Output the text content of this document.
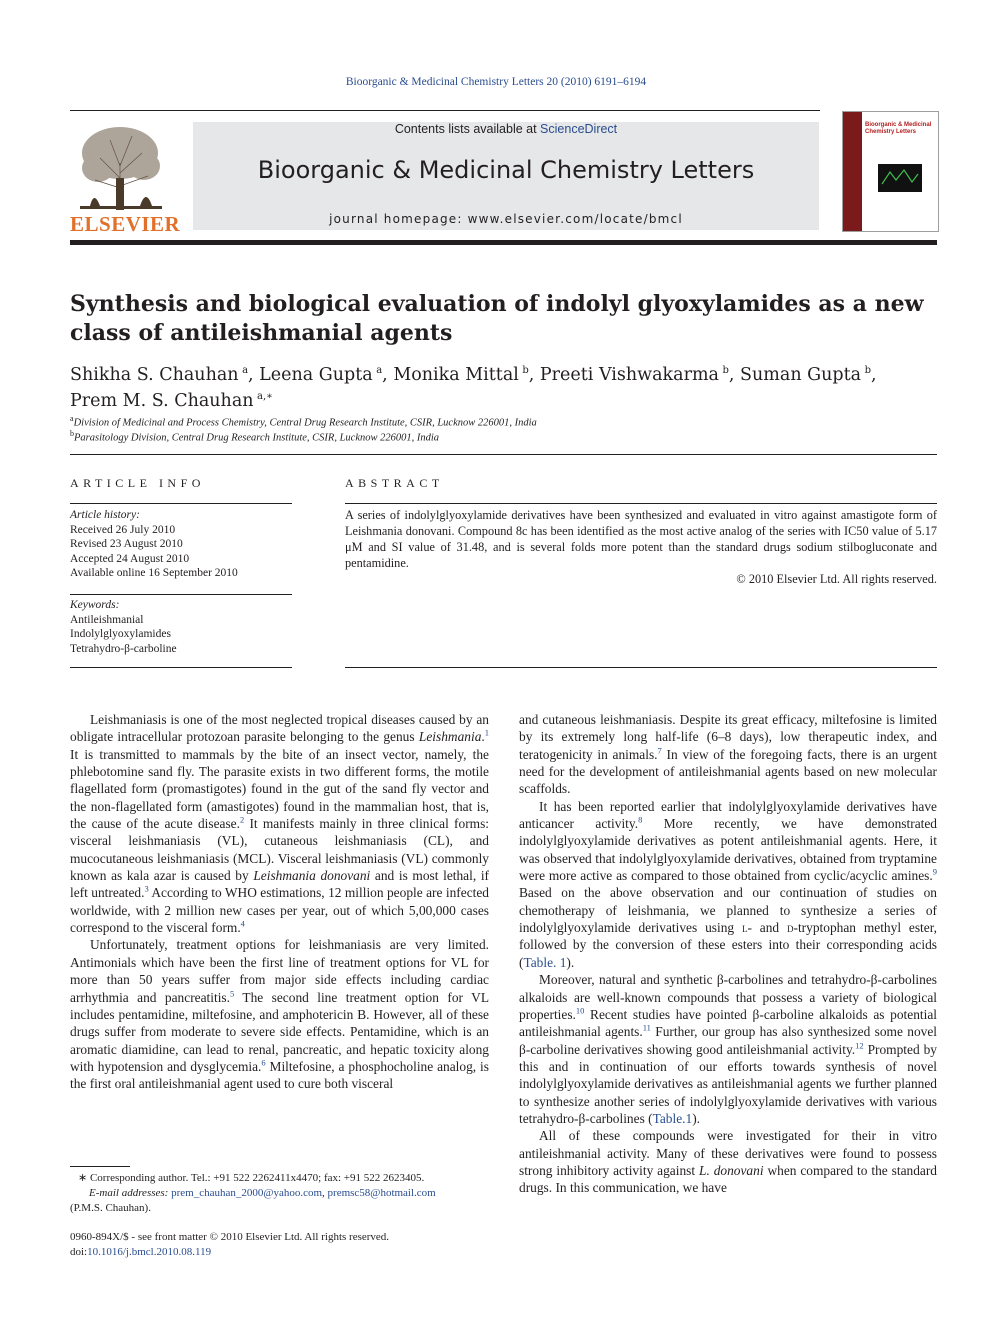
Bioorganic & Medicinal Chemistry Letters 20 (2010) 6191–6194
ELSEVIER
Contents lists available at ScienceDirect
Bioorganic & Medicinal Chemistry Letters
journal homepage: www.elsevier.com/locate/bmcl
Bioorganic & Medicinal
Chemistry Letters
Synthesis and biological evaluation of indolyl glyoxylamides as a new class of antileishmanial agents
Shikha S. Chauhan  $^a$, Leena Gupta  $^a$, Monika Mittal  $^b$, Preeti Vishwakarma  $^b$, Suman Gupta  $^b$,
Prem M. S. Chauhan  $^{a,∗}$
$^a$Division of Medicinal and Process Chemistry, Central Drug Research Institute, CSIR, Lucknow 226001, India
$^b$Parasitology Division, Central Drug Research Institute, CSIR, Lucknow 226001, India
ARTICLE INFO
Article history:
Received 26 July 2010
Revised 23 August 2010
Accepted 24 August 2010
Available online 16 September 2010
Keywords:
Antileishmanial
Indolylglyoxylamides
Tetrahydro-β-carboline
ABSTRACT
A series of indolylglyoxylamide derivatives have been synthesized and evaluated in vitro against amastigote form of Leishmania donovani. Compound 8c has been identified as the most active analog of the series with IC50 value of 5.17 μM and SI value of 31.48, and is several folds more potent than the standard drugs sodium stilbogluconate and pentamidine.
© 2010 Elsevier Ltd. All rights reserved.

Leishmaniasis is one of the most neglected tropical diseases caused by an obligate intracellular protozoan parasite belonging to the genus Leishmania.$^1$ It is transmitted to mammals by the bite of an insect vector, namely, the phlebotomine sand fly. The parasite exists in two different forms, the motile flagellated form (promastigotes) found in the gut of the sand fly vector and the non-flagellated form (amastigotes) found in the mammalian host, that is, the cause of the acute disease.$^2$ It manifests mainly in three clinical forms: visceral leishmaniasis (VL), cutaneous leishmaniasis (CL), and mucocutaneous leishmaniasis (MCL). Visceral leishmaniasis (VL) commonly known as kala azar is caused by Leishmania donovani and is most lethal, if left untreated.$^3$ According to WHO estimations, 12 million people are infected worldwide, with 2 million new cases per year, out of which 5,00,000 cases correspond to the visceral form.$^4$

Unfortunately, treatment options for leishmaniasis are very limited. Antimonials which have been the first line of treatment options for VL for more than 50 years suffer from major side effects including cardiac arrhythmia and pancreatitis.$^5$ The second line treatment option for VL includes pentamidine, miltefosine, and amphotericin B. However, all of these drugs suffer from moderate to severe side effects. Pentamidine, which is an aromatic diamidine, can lead to renal, pancreatic, and hepatic toxicity along with hypotension and dysglycemia.$^6$ Miltefosine, a phosphocholine analog, is the first oral antileishmanial agent used to cure both visceral

and cutaneous leishmaniasis. Despite its great efficacy, miltefosine is limited by its extremely long half-life (6–8 days), low therapeutic index, and teratogenicity in animals.$^7$ In view of the foregoing facts, there is an urgent need for the development of antileishmanial agents based on new molecular scaffolds.

It has been reported earlier that indolylglyoxylamide derivatives have anticancer activity.$^8$ More recently, we have demonstrated indolylglyoxylamide derivatives as potent antileishmanial agents. Here, it was observed that indolylglyoxylamide derivatives, obtained from tryptamine were more active as compared to those obtained from cyclic/acyclic amines.$^9$ Based on the above observation and our continuation of studies on chemotherapy of leishmania, we planned to synthesize a series of indolylglyoxylamide derivatives using l- and d-tryptophan methyl ester, followed by the conversion of these esters into their corresponding acids (Table. 1).

Moreover, natural and synthetic β-carbolines and tetrahydro-β-carbolines alkaloids are well-known compounds that possess a variety of biological properties.$^{10}$ Recent studies have pointed β-carboline alkaloids as potential antileishmanial agents.$^{11}$ Further, our group has also synthesized some novel β-carboline derivatives showing good antileishmanial activity.$^{12}$ Prompted by this and in continuation of our efforts towards synthesis of novel indolylglyoxylamide derivatives as antileishmanial agents we further planned to synthesize another series of indolylglyoxylamide derivatives with various tetrahydro-β-carbolines (Table.1).

All of these compounds were investigated for their in vitro antileishmanial activity. Many of these derivatives were found to possess strong inhibitory activity against L. donovani when compared to the standard drugs. In this communication, we have

∗ Corresponding author. Tel.: +91 522 2262411x4470; fax: +91 522 2623405.
E-mail addresses: prem_chauhan_2000@yahoo.com, premsc58@hotmail.com
(P.M.S. Chauhan).
0960-894X/$ - see front matter © 2010 Elsevier Ltd. All rights reserved.
doi:10.1016/j.bmcl.2010.08.119
